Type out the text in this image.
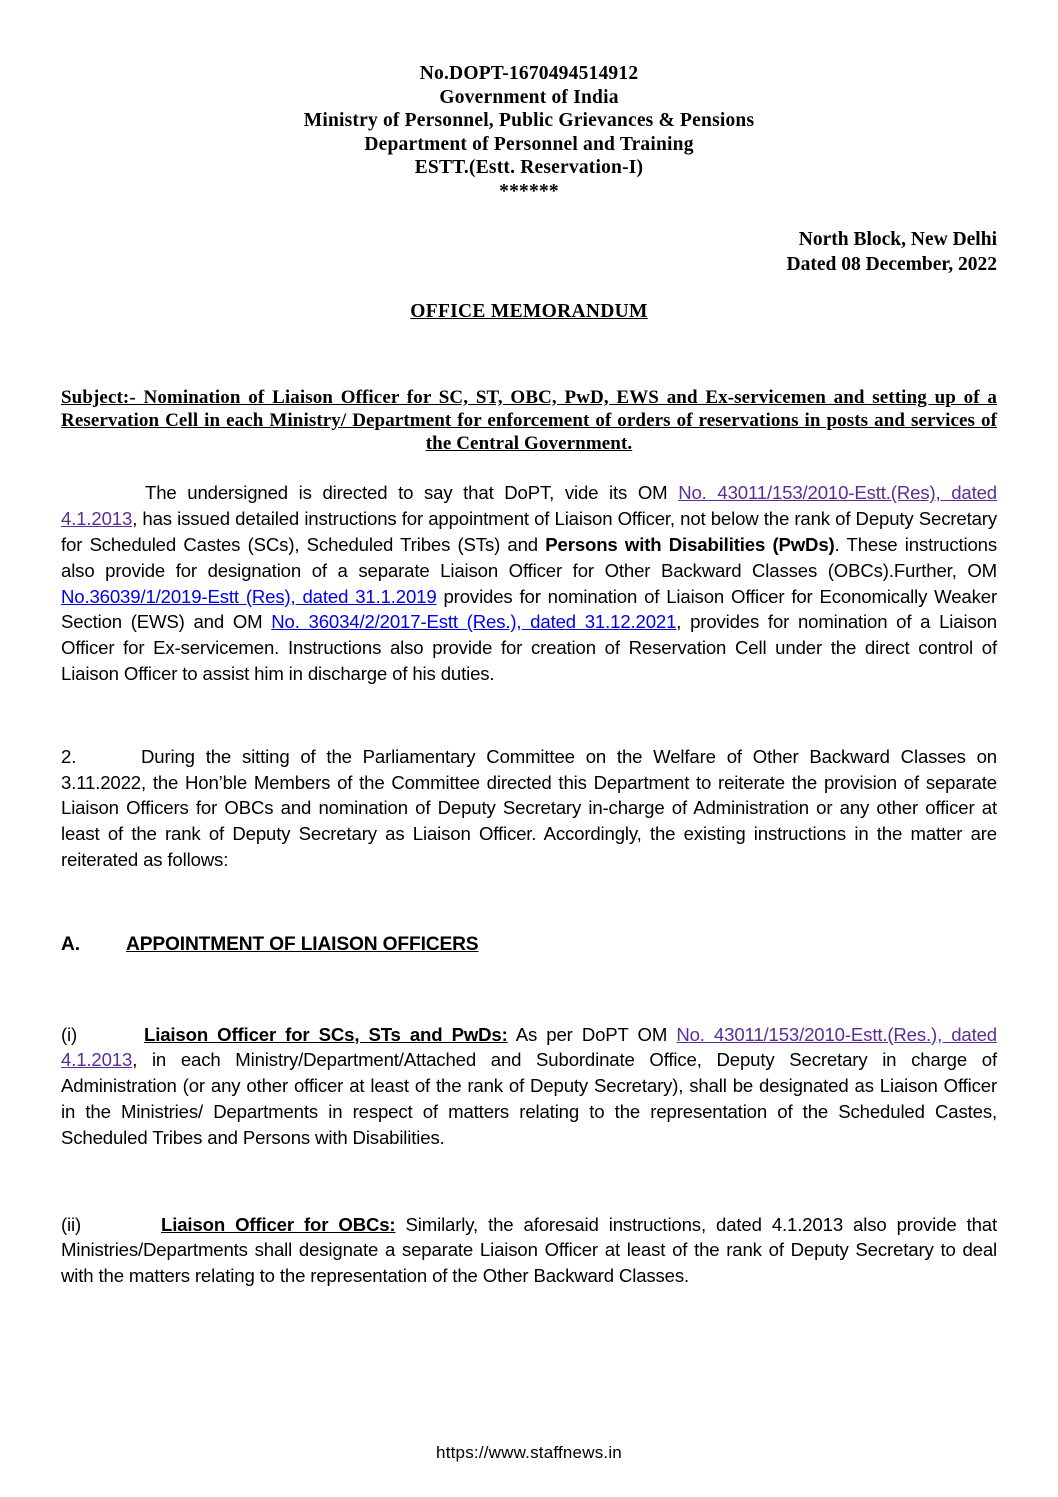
No.DOPT-1670494514912
Government of India
Ministry of Personnel, Public Grievances & Pensions
Department of Personnel and Training
ESTT.(Estt. Reservation-I)
******
North Block, New Delhi
Dated 08 December, 2022
OFFICE MEMORANDUM
Subject:- Nomination of Liaison Officer for SC, ST, OBC, PwD, EWS and Ex-servicemen and setting up of a Reservation Cell in each Ministry/ Department for enforcement of orders of reservations in posts and services of the Central Government.
The undersigned is directed to say that DoPT, vide its OM No. 43011/153/2010-Estt.(Res), dated 4.1.2013, has issued detailed instructions for appointment of Liaison Officer, not below the rank of Deputy Secretary for Scheduled Castes (SCs), Scheduled Tribes (STs) and Persons with Disabilities (PwDs). These instructions also provide for designation of a separate Liaison Officer for Other Backward Classes (OBCs).Further, OM No.36039/1/2019-Estt (Res), dated 31.1.2019 provides for nomination of Liaison Officer for Economically Weaker Section (EWS) and OM No. 36034/2/2017-Estt (Res.), dated 31.12.2021, provides for nomination of a Liaison Officer for Ex-servicemen. Instructions also provide for creation of Reservation Cell under the direct control of Liaison Officer to assist him in discharge of his duties.
2.	During the sitting of the Parliamentary Committee on the Welfare of Other Backward Classes on 3.11.2022, the Hon’ble Members of the Committee directed this Department to reiterate the provision of separate Liaison Officers for OBCs and nomination of Deputy Secretary in-charge of Administration or any other officer at least of the rank of Deputy Secretary as Liaison Officer. Accordingly, the existing instructions in the matter are reiterated as follows:
A. APPOINTMENT OF LIAISON OFFICERS
(i)	Liaison Officer for SCs, STs and PwDs: As per DoPT OM No. 43011/153/2010-Estt.(Res.), dated 4.1.2013, in each Ministry/Department/Attached and Subordinate Office, Deputy Secretary in charge of Administration (or any other officer at least of the rank of Deputy Secretary), shall be designated as Liaison Officer in the Ministries/ Departments in respect of matters relating to the representation of the Scheduled Castes, Scheduled Tribes and Persons with Disabilities.
(ii)	Liaison Officer for OBCs: Similarly, the aforesaid instructions, dated 4.1.2013 also provide that Ministries/Departments shall designate a separate Liaison Officer at least of the rank of Deputy Secretary to deal with the matters relating to the representation of the Other Backward Classes.
https://www.staffnews.in
